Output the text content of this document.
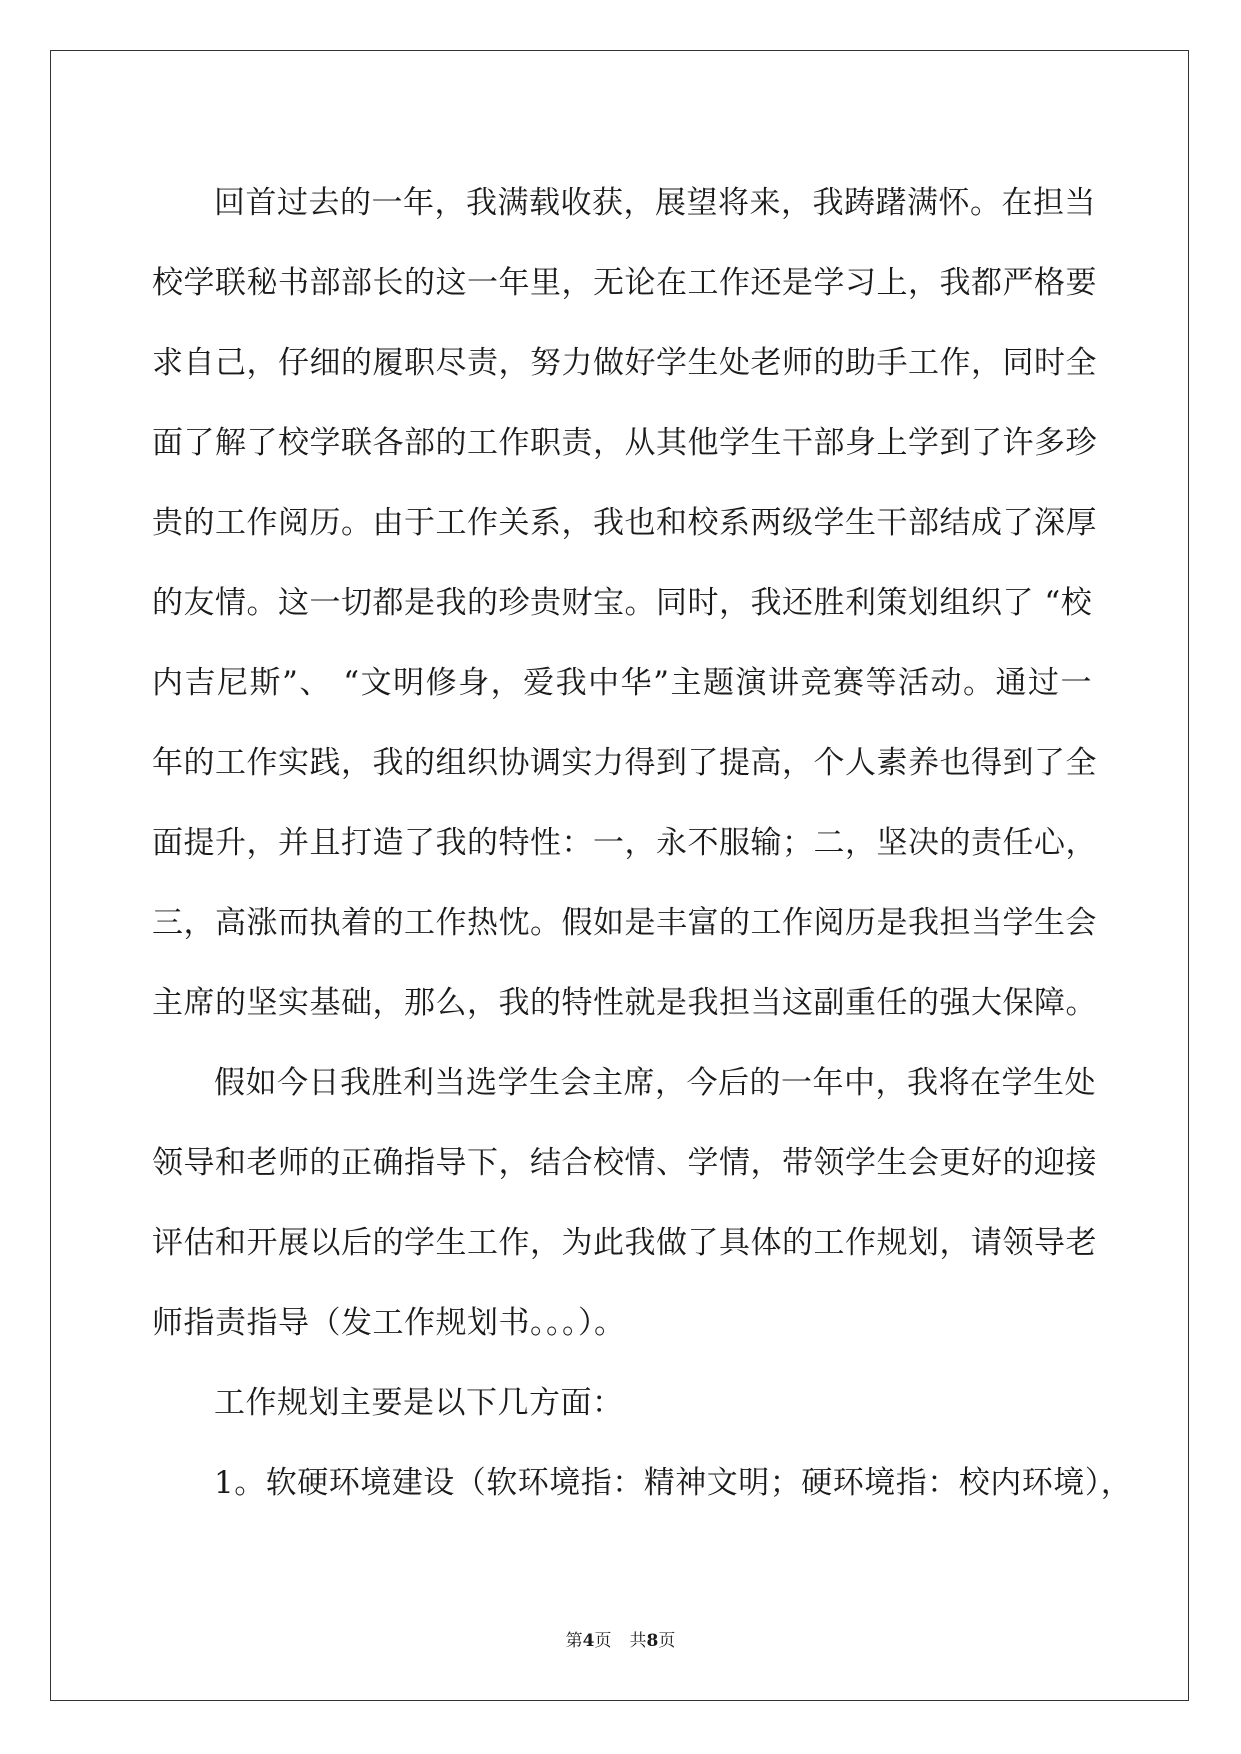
回首过去的一年，我满载收获，展望将来，我踌躇满怀。在担当
校学联秘书部部长的这一年里，无论在工作还是学习上，我都严格要
求自己，仔细的履职尽责，努力做好学生处老师的助手工作，同时全
面了解了校学联各部的工作职责，从其他学生干部身上学到了许多珍
贵的工作阅历。由于工作关系，我也和校系两级学生干部结成了深厚
的友情。这一切都是我的珍贵财宝。同时，我还胜利策划组织了 “校
内吉尼斯”、 “文明修身，爱我中华”主题演讲竞赛等活动。通过一
年的工作实践，我的组织协调实力得到了提高，个人素养也得到了全
面提升，并且打造了我的特性：一，永不服输；二，坚决的责任心，
三，高涨而执着的工作热忱。假如是丰富的工作阅历是我担当学生会
主席的坚实基础，那么，我的特性就是我担当这副重任的强大保障。
假如今日我胜利当选学生会主席，今后的一年中，我将在学生处
领导和老师的正确指导下，结合校情、学情，带领学生会更好的迎接
评估和开展以后的学生工作，为此我做了具体的工作规划，请领导老
师指责指导（发工作规划书。。。）。
工作规划主要是以下几方面：
1。软硬环境建设（软环境指：精神文明；硬环境指：校内环境），
第4页 共8页
